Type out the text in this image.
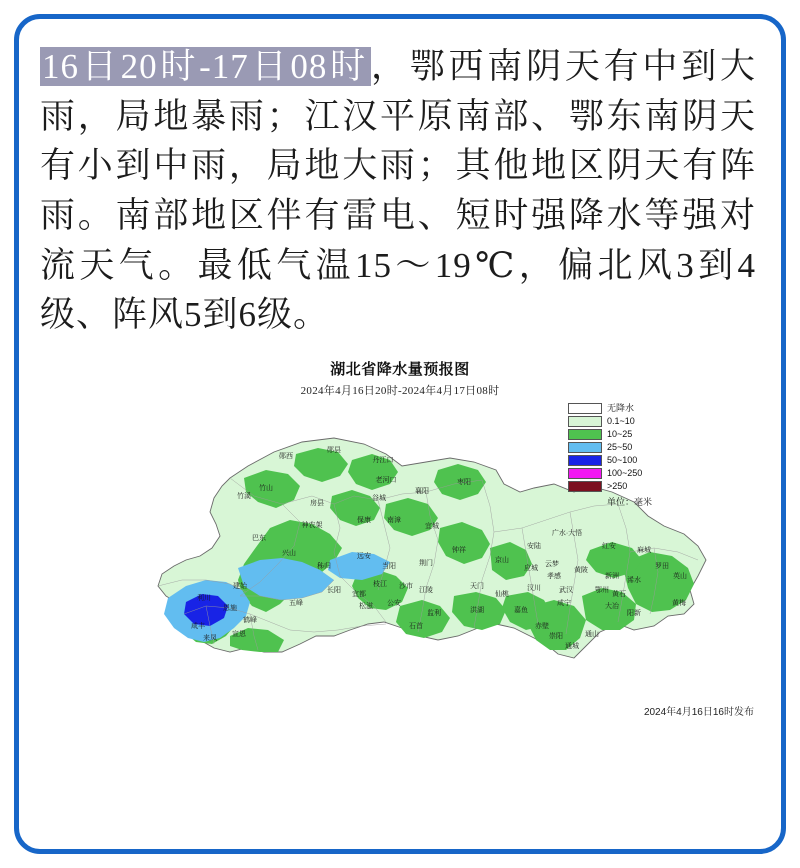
16日20时-17日08时，鄂西南阴天有中到大雨，局地暴雨；江汉平原南部、鄂东南阴天有小到中雨，局地大雨；其他地区阴天有阵雨。南部地区伴有雷电、短时强降水等强对流天气。最低气温15～19℃，偏北风3到4级、阵风5到6级。
湖北省降水量预报图
2024年4月16日20时-2024年4月17日08时
郧西
郧县
丹江口
老河口
谷城
襄阳
枣阳
竹山
竹溪
房县
保康 南漳
宜城
神农架
巴东
兴山	钟祥
京山
安陆
广水·大悟
红安
麻城
秭归
远安
当阳	荆门
应城
云梦
孝感
黄陂
新洲
建始
长阳
五峰
宜都
枝江 沙市
江陵
天门
仙桃
汉川	武汉	鄂州
黄石
浠水
罗田
英山
利川
恩施
鹤峰
公安
松滋
监利	洪湖	嘉鱼
咸宁	大冶
阳新
黄梅
咸丰
来凤
宣恩
石首	赤壁
崇阳
通城
通山
无降水
0.1~10
10~25
25~50
50~100
100~250
>250
单位：毫米
2024年4月16日16时发布
